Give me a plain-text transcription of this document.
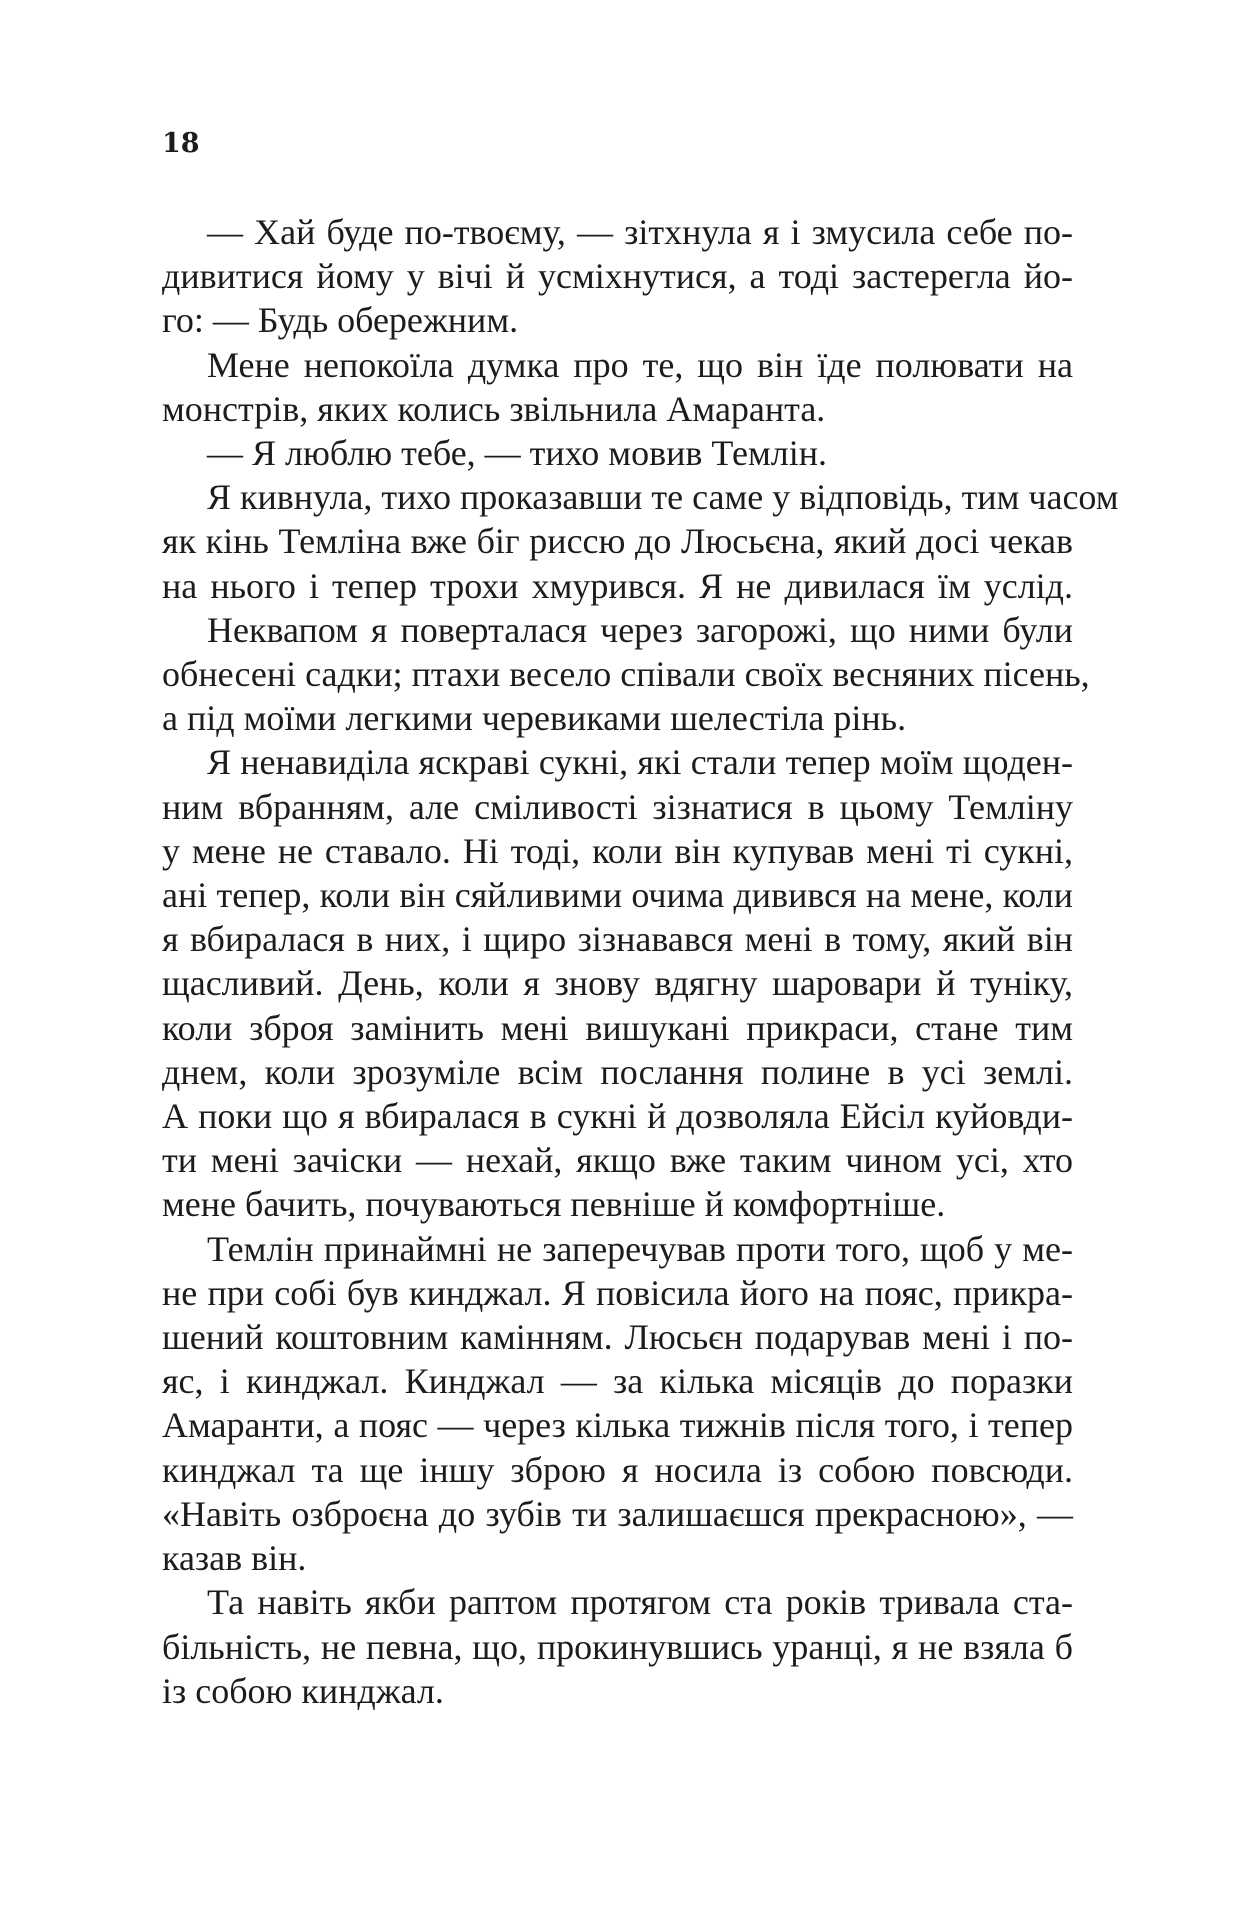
18
— Хай буде по-твоєму, — зітхнула я і змусила себе по-
дивитися йому у вічі й усміхнутися, а тоді застерегла йо-
го: — Будь обережним.
Мене непокоїла думка про те, що він їде полювати на
монстрів, яких колись звільнила Амаранта.
— Я люблю тебе, — тихо мовив Темлін.
Я кивнула, тихо проказавши те саме у відповідь, тим часом
як кінь Темліна вже біг риссю до Люсьєна, який досі чекав
на нього і тепер трохи хмурився. Я не дивилася їм услід.
Неквапом я поверталася через загорожі, що ними були
обнесені садки; птахи весело співали своїх весняних пісень,
а під моїми легкими черевиками шелестіла рінь.
Я ненавиділа яскраві сукні, які стали тепер моїм щоден-
ним вбранням, але сміливості зізнатися в цьому Темліну
у мене не ставало. Ні тоді, коли він купував мені ті сукні,
ані тепер, коли він сяйливими очима дивився на мене, коли
я вбиралася в них, і щиро зізнавався мені в тому, який він
щасливий. День, коли я знову вдягну шаровари й туніку,
коли зброя замінить мені вишукані прикраси, стане тим
днем, коли зрозуміле всім послання полине в усі землі.
А поки що я вбиралася в сукні й дозволяла Ейсіл куйовди-
ти мені зачіски — нехай, якщо вже таким чином усі, хто
мене бачить, почуваються певніше й комфортніше.
Темлін принаймні не заперечував проти того, щоб у ме-
не при собі був кинджал. Я повісила його на пояс, прикра-
шений коштовним камінням. Люсьєн подарував мені і по-
яс, і кинджал. Кинджал — за кілька місяців до поразки
Амаранти, а пояс — через кілька тижнів після того, і тепер
кинджал та ще іншу зброю я носила із собою повсюди.
«Навіть озброєна до зубів ти залишаєшся прекрасною», —
казав він.
Та навіть якби раптом протягом ста років тривала ста-
більність, не певна, що, прокинувшись уранці, я не взяла б
із собою кинджал.
